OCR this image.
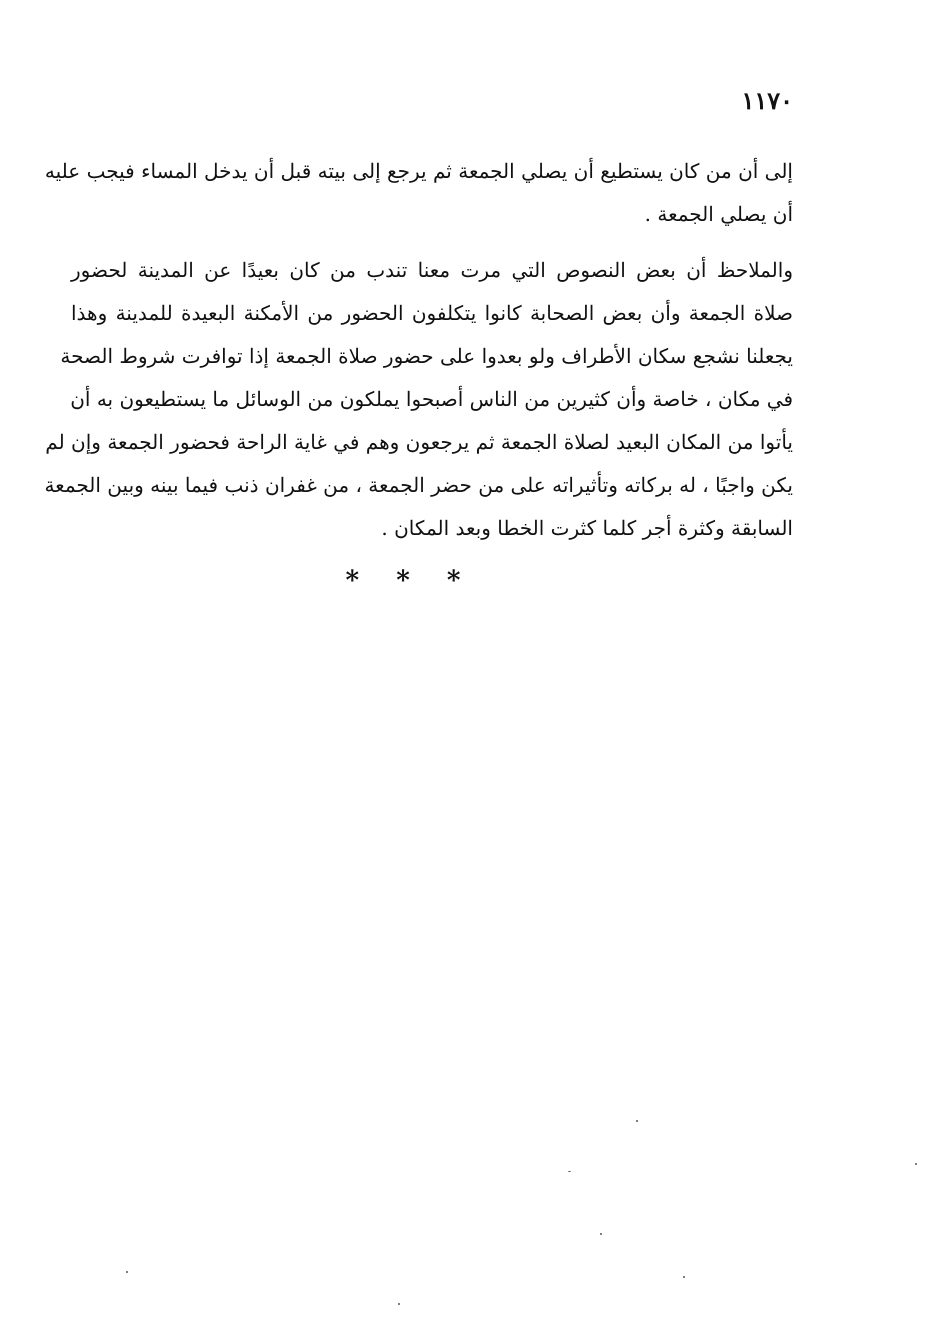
١١٧٠
إلى أن من كان يستطيع أن يصلي الجمعة ثم يرجع إلى بيته قبل أن يدخل المساء فيجب عليه
أن يصلي الجمعة .
والملاحظ أن بعض النصوص التي مرت معنا تندب من كان بعيدًا عن المدينة لحضور
صلاة الجمعة وأن بعض الصحابة كانوا يتكلفون الحضور من الأمكنة البعيدة للمدينة وهذا
يجعلنا نشجع سكان الأطراف ولو بعدوا على حضور صلاة الجمعة إذا توافرت شروط الصحة
في مكان ، خاصة وأن كثيرين من الناس أصبحوا يملكون من الوسائل ما يستطيعون به أن
يأتوا من المكان البعيد لصلاة الجمعة ثم يرجعون وهم في غاية الراحة فحضور الجمعة وإن لم
يكن واجبًا ، له بركاته وتأثيراته على من حضر الجمعة ، من غفران ذنب فيما بينه وبين الجمعة
السابقة وكثرة أجر كلما كثرت الخطا وبعد المكان .
* * *
